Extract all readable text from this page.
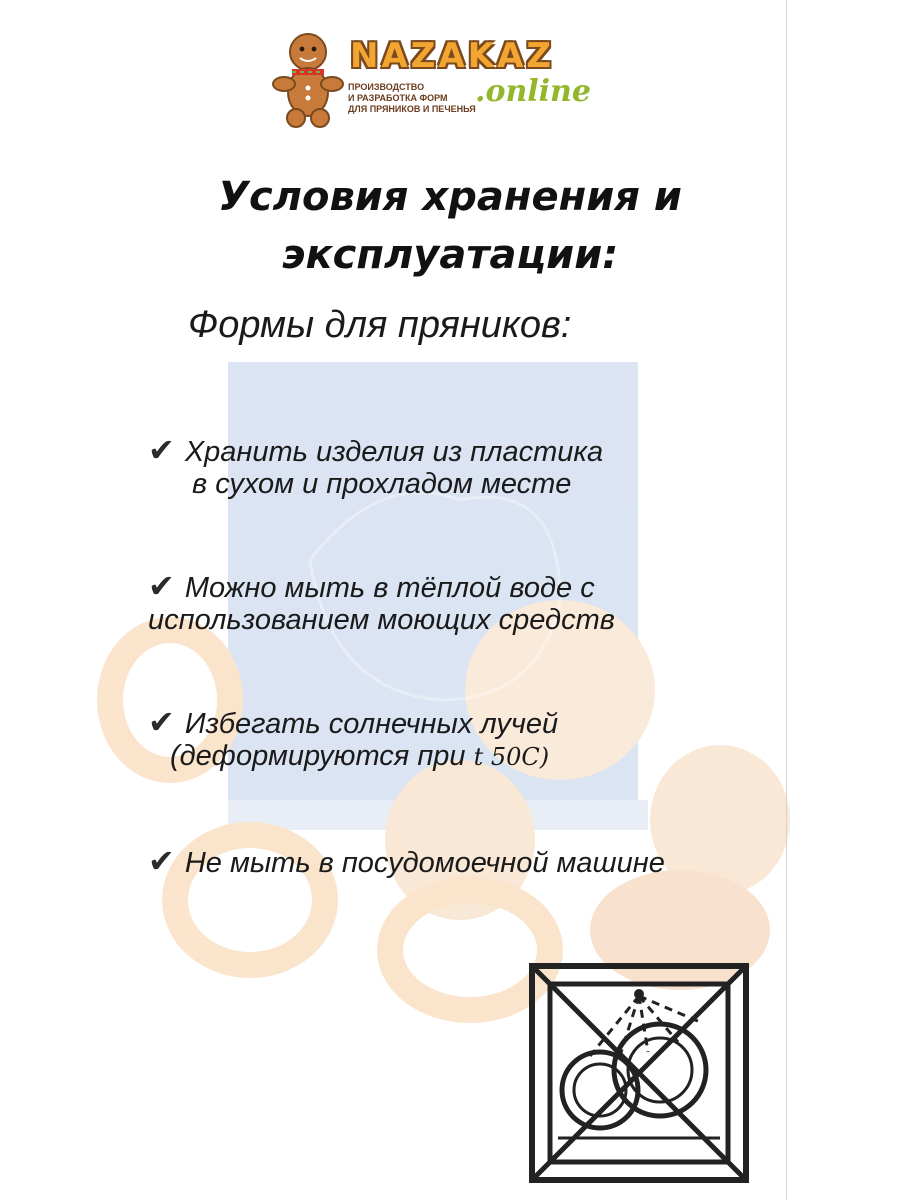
NAZAKAZ
ПРОИЗВОДСТВО
И РАЗРАБОТКА ФОРМ
ДЛЯ ПРЯНИКОВ И ПЕЧЕНЬЯ .online
Условия хранения и
эксплуатации:
Формы для пряников:
✔ Хранить изделия из пластика
в сухом и прохладом месте
✔ Можно мыть в тёплой воде с
использованием моющих средств
✔ Избегать солнечных лучей
(деформируются при t 50C)
✔ Не мыть в посудомоечной машине
